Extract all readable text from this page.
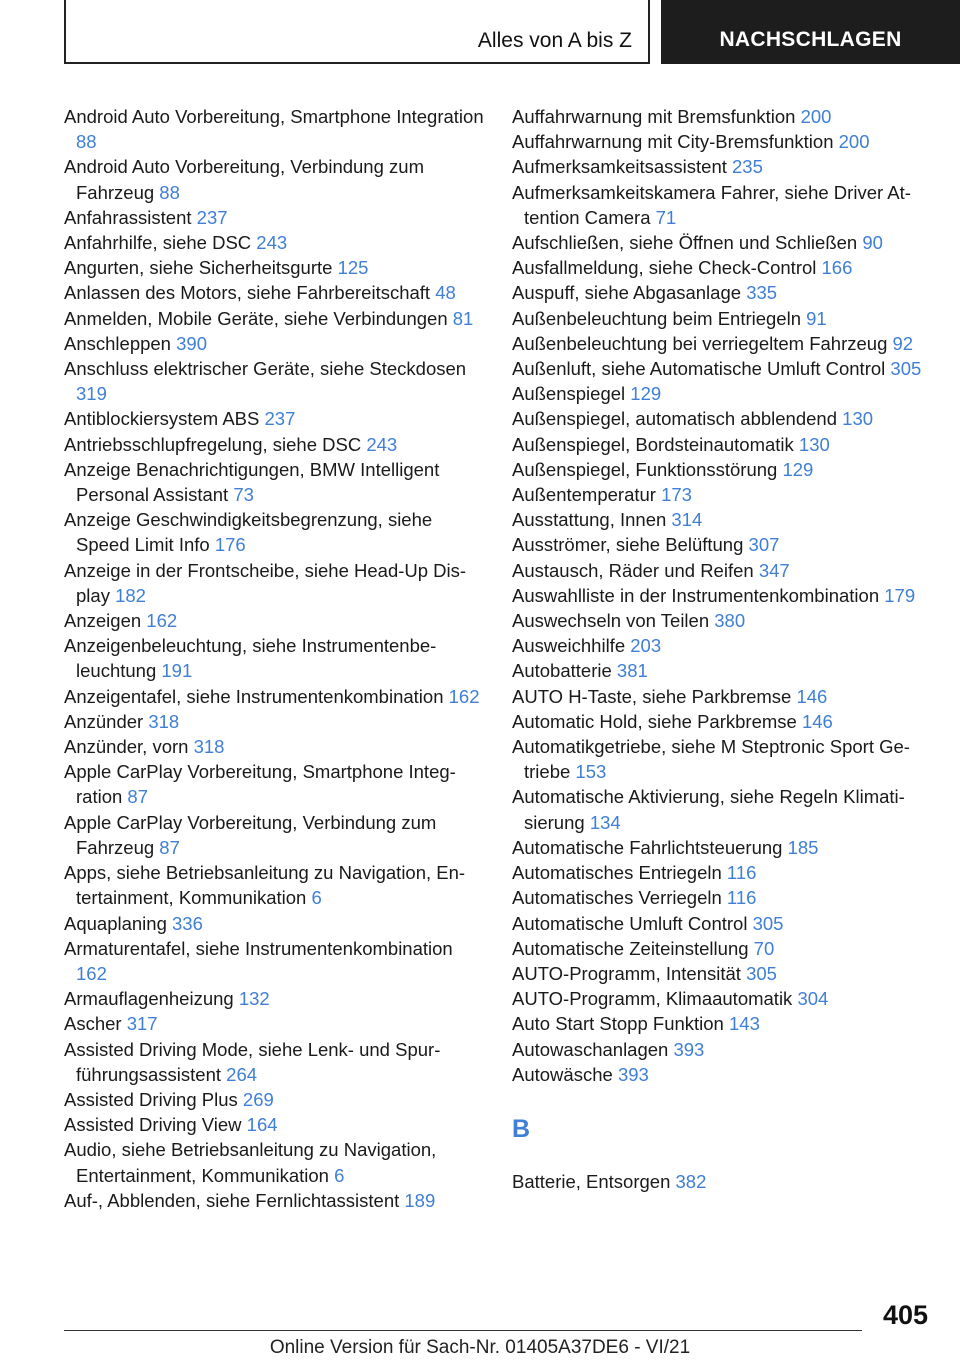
Alles von A bis Z	NACHSCHLAGEN

Android Auto Vorbereitung, Smartphone Integration 88

Android Auto Vorbereitung, Verbindung zum Fahrzeug 88

Anfahrassistent 237

Anfahrhilfe, siehe DSC 243

Angurten, siehe Sicherheitsgurte 125

Anlassen des Motors, siehe Fahrbereitschaft 48

Anmelden, Mobile Geräte, siehe Verbindungen 81

Anschleppen 390

Anschluss elektrischer Geräte, siehe Steckdosen 319

Antiblockiersystem ABS 237

Antriebsschlupfregelung, siehe DSC 243

Anzeige Benachrichtigungen, BMW Intelligent Personal Assistant 73

Anzeige Geschwindigkeitsbegrenzung, siehe Speed Limit Info 176

Anzeige in der Frontscheibe, siehe Head-Up Display 182

Anzeigen 162

Anzeigenbeleuchtung, siehe Instrumentenbeleuchtung 191

Anzeigentafel, siehe Instrumentenkombination 162

Anzünder 318

Anzünder, vorn 318

Apple CarPlay Vorbereitung, Smartphone Integration 87

Apple CarPlay Vorbereitung, Verbindung zum Fahrzeug 87

Apps, siehe Betriebsanleitung zu Navigation, Entertainment, Kommunikation 6

Aquaplaning 336

Armaturentafel, siehe Instrumentenkombination 162

Armauflagenheizung 132

Ascher 317

Assisted Driving Mode, siehe Lenk- und Spurführungsassistent 264

Assisted Driving Plus 269

Assisted Driving View 164

Audio, siehe Betriebsanleitung zu Navigation, Entertainment, Kommunikation 6

Auf-, Abblenden, siehe Fernlichtassistent 189

Auffahrwarnung mit Bremsfunktion 200

Auffahrwarnung mit City-Bremsfunktion 200

Aufmerksamkeitsassistent 235

Aufmerksamkeitskamera Fahrer, siehe Driver Attention Camera 71

Aufschließen, siehe Öffnen und Schließen 90

Ausfallmeldung, siehe Check-Control 166

Auspuff, siehe Abgasanlage 335

Außenbeleuchtung beim Entriegeln 91

Außenbeleuchtung bei verriegeltem Fahrzeug 92

Außenluft, siehe Automatische Umluft Control 305

Außenspiegel 129

Außenspiegel, automatisch abblendend 130

Außenspiegel, Bordsteinautomatik 130

Außenspiegel, Funktionsstörung 129

Außentemperatur 173

Ausstattung, Innen 314

Ausströmer, siehe Belüftung 307

Austausch, Räder und Reifen 347

Auswahlliste in der Instrumentenkombination 179

Auswechseln von Teilen 380

Ausweichhilfe 203

Autobatterie 381

AUTO H-Taste, siehe Parkbremse 146

Automatic Hold, siehe Parkbremse 146

Automatikgetriebe, siehe M Steptronic Sport Getriebe 153

Automatische Aktivierung, siehe Regeln Klimatisierung 134

Automatische Fahrlichtsteuerung 185

Automatisches Entriegeln 116

Automatisches Verriegeln 116

Automatische Umluft Control 305

Automatische Zeiteinstellung 70

AUTO-Programm, Intensität 305

AUTO-Programm, Klimaautomatik 304

Auto Start Stopp Funktion 143

Autowaschanlagen 393

Autowäsche 393

B

Batterie, Entsorgen 382

405
Online Version für Sach-Nr. 01405A37DE6 - VI/21
